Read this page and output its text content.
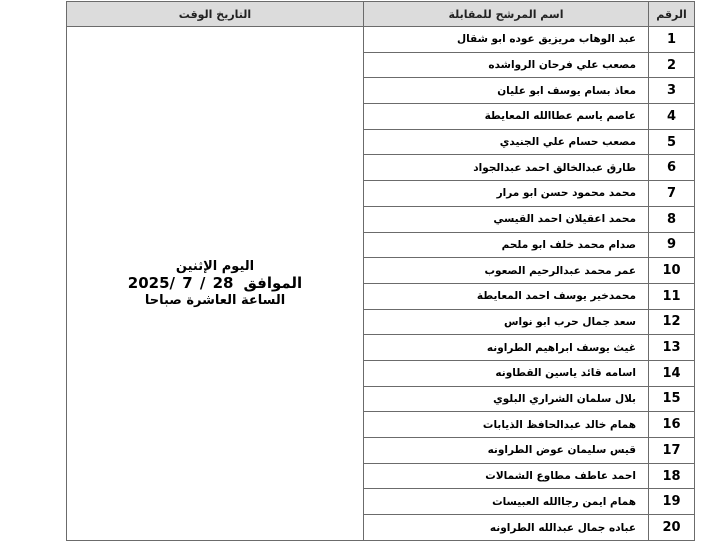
الرقم	اسم المرشح للمقابلة	التاريخ الوقت
1	عبد الوهاب مريزيق عوده ابو شقال	اليوم الإثنين
الموافق2025/ 7 / 28
الساعة العاشرة صباحا

2	مصعب علي فرحان الرواشده	
3	معاذ بسام يوسف ابو عليان	
4	عاصم ياسم عطاالله المعايطة	
5	مصعب حسام علي الجنيدي	
6	طارق عبدالخالق احمد عبدالجواد	
7	محمد محمود حسن ابو مرار	
8	محمد اعقيلان احمد القيسي	
9	صدام محمد خلف ابو ملحم	
10	عمر محمد عبدالرحيم الصعوب	
11	محمدخير يوسف احمد المعايطة	
12	سعد جمال حرب ابو نواس	
13	غيث يوسف ابراهيم الطراونه	
14	اسامه قائد ياسين القطاونه	
15	بلال سلمان الشراري البلوي	
16	همام خالد عبدالحافظ الذيابات	
17	قيس سليمان عوض الطراونه	
18	احمد عاطف مطاوع الشمالات	
19	همام ايمن رجاالله العبيسات	
20	عباده جمال عبدالله الطراونه	
